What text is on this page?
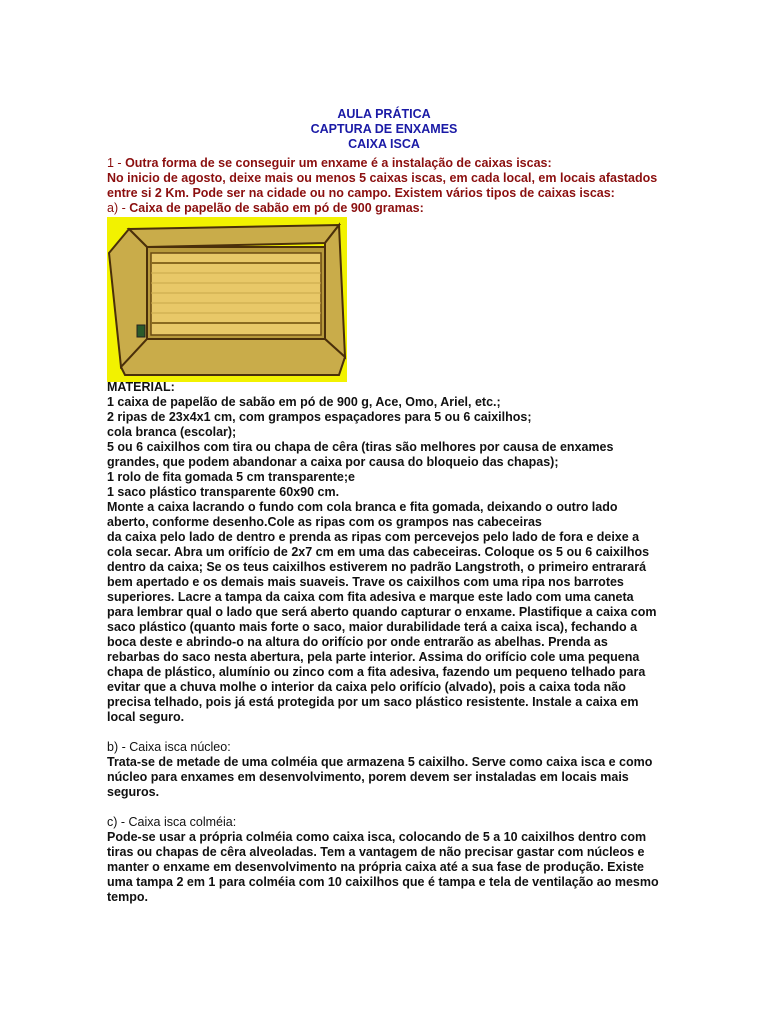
AULA PRÁTICA
CAPTURA DE ENXAMES
CAIXA ISCA
1 - Outra forma de se conseguir um enxame é a instalação de caixas iscas:
No inicio de agosto, deixe mais ou menos 5 caixas iscas, em cada local, em locais afastados
entre si 2 Km. Pode ser na cidade ou no campo. Existem vários tipos de caixas iscas:
a) - Caixa de papelão de sabão em pó de 900 gramas:
MATERIAL:
1 caixa de papelão de sabão em pó de 900 g, Ace, Omo, Ariel, etc.;
2 ripas de 23x4x1 cm, com grampos espaçadores para 5 ou 6 caixilhos;
cola branca (escolar);
5 ou 6 caixilhos com tira ou chapa de cêra (tiras são melhores por causa de enxames
grandes, que podem abandonar a caixa por causa do bloqueio das chapas);
1 rolo de fita gomada 5 cm transparente;e
1 saco plástico transparente 60x90 cm.
Monte a caixa lacrando o fundo com cola branca e fita gomada, deixando o outro lado
aberto, conforme desenho.Cole as ripas com os grampos nas cabeceiras
da caixa pelo lado de dentro e prenda as ripas com percevejos pelo lado de fora e deixe a
cola secar. Abra um orifício de 2x7 cm em uma das cabeceiras. Coloque os 5 ou 6 caixilhos
dentro da caixa; Se os teus caixilhos estiverem no padrão Langstroth, o primeiro entrarará
bem apertado e os demais mais suaveis. Trave os caixilhos com uma ripa nos barrotes
superiores. Lacre a tampa da caixa com fita adesiva e marque este lado com uma caneta
para lembrar qual o lado que será aberto quando capturar o enxame. Plastifique a caixa com
saco plástico (quanto mais forte o saco, maior durabilidade terá a caixa isca), fechando a
boca deste e abrindo-o na altura do orifício por onde entrarão as abelhas. Prenda as
rebarbas do saco nesta abertura, pela parte interior. Assima do orifício cole uma pequena
chapa de plástico, alumínio ou zinco com a fita adesiva, fazendo um pequeno telhado para
evitar que a chuva molhe o interior da caixa pelo orifício (alvado), pois a caixa toda não
precisa telhado, pois já está protegida por um saco plástico resistente. Instale a caixa em
local seguro.
b) - Caixa isca núcleo:
Trata-se de metade de uma colméia que armazena 5 caixilho. Serve como caixa isca e como
núcleo para enxames em desenvolvimento, porem devem ser instaladas em locais mais
seguros.
c) - Caixa isca colméia:
Pode-se usar a própria colméia como caixa isca, colocando de 5 a 10 caixilhos dentro com
tiras ou chapas de cêra alveoladas. Tem a vantagem de não precisar gastar com núcleos e
manter o enxame em desenvolvimento na própria caixa até a sua fase de produção. Existe
uma tampa 2 em 1 para colméia com 10 caixilhos que é tampa e tela de ventilação ao mesmo
tempo.
